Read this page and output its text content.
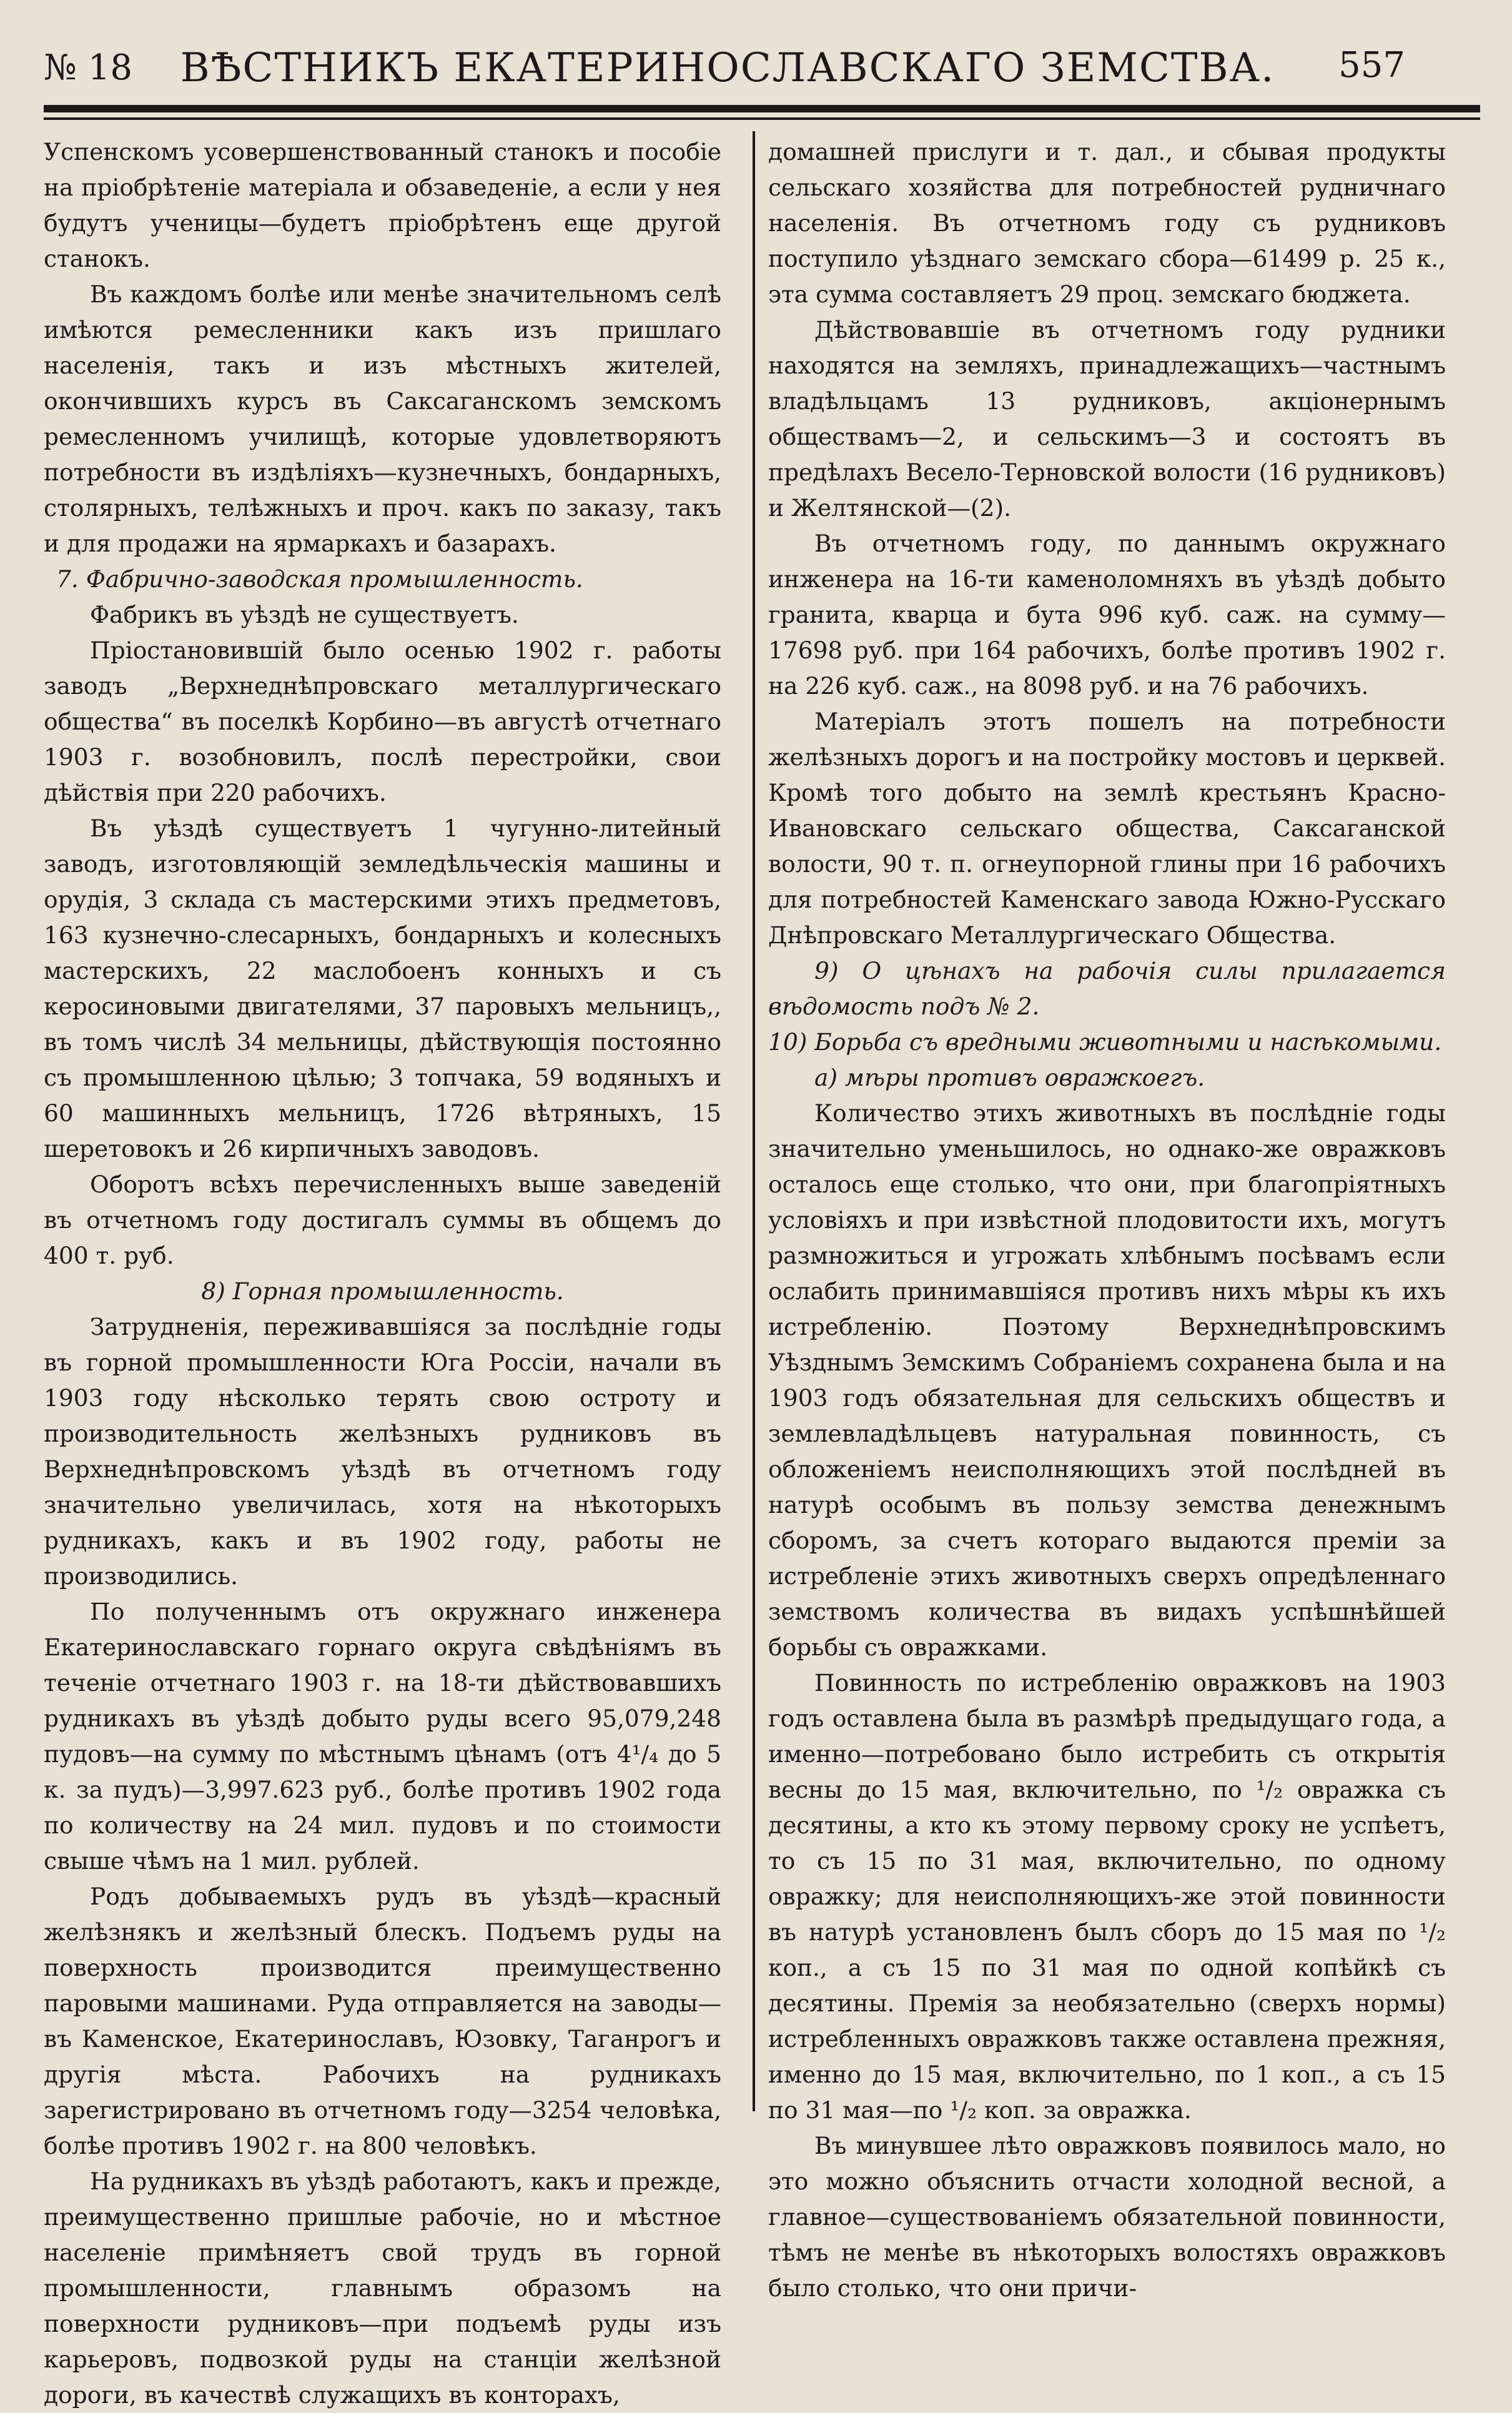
№ 18	ВѢСТНИКЪ ЕКАТЕРИНОСЛАВСКАГО ЗЕМСТВА.	557

Успенскомъ усовершенствованный станокъ и пособіе на пріобрѣтеніе матеріала и обзаведеніе, а если у нея будутъ ученицы—будетъ пріобрѣтенъ еще другой станокъ.

Въ каждомъ болѣе или менѣе значительномъ селѣ имѣются ремесленники какъ изъ пришлаго населенія, такъ и изъ мѣстныхъ жителей, окончившихъ курсъ въ Саксаганскомъ земскомъ ремесленномъ училищѣ, которые удовлетворяютъ потребности въ издѣліяхъ—кузнечныхъ, бондарныхъ, столярныхъ, телѣжныхъ и проч. какъ по заказу, такъ и для продажи на ярмаркахъ и базарахъ.

7. Фабрично-заводская промышленность.

Фабрикъ въ уѣздѣ не существуетъ.

Пріостановившій было осенью 1902 г. работы заводъ „Верхнеднѣпровскаго металлургическаго общества“ въ поселкѣ Корбино—въ августѣ отчетнаго 1903 г. возобновилъ, послѣ перестройки, свои дѣйствія при 220 рабочихъ.

Въ уѣздѣ существуетъ 1 чугунно-литейный заводъ, изготовляющій земледѣльческія машины и орудія, 3 склада съ мастерскими этихъ предметовъ, 163 кузнечно-слесарныхъ, бондарныхъ и колесныхъ мастерскихъ, 22 маслобоенъ конныхъ и съ керосиновыми двигателями, 37 паровыхъ мельницъ,, въ томъ числѣ 34 мельницы, дѣйствующія постоянно съ промышленною цѣлью; 3 топчака, 59 водяныхъ и 60 машинныхъ мельницъ, 1726 вѣтряныхъ, 15 шеретовокъ и 26 кирпичныхъ заводовъ.

Оборотъ всѣхъ перечисленныхъ выше заведеній въ отчетномъ году достигалъ суммы въ общемъ до 400 т. руб.

8) Горная промышленность.

Затрудненія, переживавшіяся за послѣдніе годы въ горной промышленности Юга Россіи, начали въ 1903 году нѣсколько терять свою остроту и производительность желѣзныхъ рудниковъ въ Верхнеднѣпровскомъ уѣздѣ въ отчетномъ году значительно увеличилась, хотя на нѣкоторыхъ рудникахъ, какъ и въ 1902 году, работы не производились.

По полученнымъ отъ окружнаго инженера Екатеринославскаго горнаго округа свѣдѣніямъ въ теченіе отчетнаго 1903 г. на 18-ти дѣйствовавшихъ рудникахъ въ уѣздѣ добыто руды всего 95,079,248 пудовъ—на сумму по мѣстнымъ цѣнамъ (отъ 4¹/₄ до 5 к. за пудъ)—3,997.623 руб., болѣе противъ 1902 года по количеству на 24 мил. пудовъ и по стоимости свыше чѣмъ на 1 мил. рублей.

Родъ добываемыхъ рудъ въ уѣздѣ—красный желѣзнякъ и желѣзный блескъ. Подъемъ руды на поверхность производится преимущественно паровыми машинами. Руда отправляется на заводы—въ Каменское, Екатеринославъ, Юзовку, Таганрогъ и другія мѣста. Рабочихъ на рудникахъ зарегистрировано въ отчетномъ году—3254 человѣка, болѣе противъ 1902 г. на 800 человѣкъ.

На рудникахъ въ уѣздѣ работаютъ, какъ и прежде, преимущественно пришлые рабочіе, но и мѣстное населеніе примѣняетъ свой трудъ въ горной промышленности, главнымъ образомъ на поверхности рудниковъ—при подъемѣ руды изъ карьеровъ, подвозкой руды на станціи желѣзной дороги, въ качествѣ служащихъ въ конторахъ,

домашней прислуги и т. дал., и сбывая продукты сельскаго хозяйства для потребностей рудничнаго населенія. Въ отчетномъ году съ рудниковъ поступило уѣзднаго земскаго сбора—61499 р. 25 к., эта сумма составляетъ 29 проц. земскаго бюджета.

Дѣйствовавшіе въ отчетномъ году рудники находятся на земляхъ, принадлежащихъ—частнымъ владѣльцамъ 13 рудниковъ, акціонернымъ обществамъ—2, и сельскимъ—3 и состоятъ въ предѣлахъ Весело-Терновской волости (16 рудниковъ) и Желтянской—(2).

Въ отчетномъ году, по даннымъ окружнаго инженера на 16-ти каменоломняхъ въ уѣздѣ добыто гранита, кварца и бута 996 куб. саж. на сумму—17698 руб. при 164 рабочихъ, болѣе противъ 1902 г. на 226 куб. саж., на 8098 руб. и на 76 рабочихъ.

Матеріалъ этотъ пошелъ на потребности желѣзныхъ дорогъ и на постройку мостовъ и церквей. Кромѣ того добыто на землѣ крестьянъ Красно-Ивановскаго сельскаго общества, Саксаганской волости, 90 т. п. огнеупорной глины при 16 рабочихъ для потребностей Каменскаго завода Южно-Русскаго Днѣпровскаго Металлургическаго Общества.

9) О цѣнахъ на рабочія силы прилагается вѣдомость подъ № 2.

10) Борьба съ вредными животными и насѣкомыми.

а) мѣры противъ овражкоегъ.

Количество этихъ животныхъ въ послѣдніе годы значительно уменьшилось, но однако-же овражковъ осталось еще столько, что они, при благопріятныхъ условіяхъ и при извѣстной плодовитости ихъ, могутъ размножиться и угрожать хлѣбнымъ посѣвамъ если ослабить принимавшіяся противъ нихъ мѣры къ ихъ истребленію. Поэтому Верхнеднѣпровскимъ Уѣзднымъ Земскимъ Собраніемъ сохранена была и на 1903 годъ обязательная для сельскихъ обществъ и землевладѣльцевъ натуральная повинность, съ обложеніемъ неисполняющихъ этой послѣдней въ натурѣ особымъ въ пользу земства денежнымъ сборомъ, за счетъ котораго выдаются преміи за истребленіе этихъ животныхъ сверхъ опредѣленнаго земствомъ количества въ видахъ успѣшнѣйшей борьбы съ овражками.

Повинность по истребленію овражковъ на 1903 годъ оставлена была въ размѣрѣ предыдущаго года, а именно—потребовано было истребить съ открытія весны до 15 мая, включительно, по ¹/₂ овражка съ десятины, а кто къ этому первому сроку не успѣетъ, то съ 15 по 31 мая, включительно, по одному овражку; для неисполняющихъ-же этой повинности въ натурѣ установленъ былъ сборъ до 15 мая по ¹/₂ коп., а съ 15 по 31 мая по одной копѣйкѣ съ десятины. Премія за необязательно (сверхъ нормы) истребленныхъ овражковъ также оставлена прежняя, именно до 15 мая, включительно, по 1 коп., а съ 15 по 31 мая—по ¹/₂ коп. за овражка.

Въ минувшее лѣто овражковъ появилось мало, но это можно объяснить отчасти холодной весной, а главное—существованіемъ обязательной повинности, тѣмъ не менѣе въ нѣкоторыхъ волостяхъ овражковъ было столько, что они причи-
